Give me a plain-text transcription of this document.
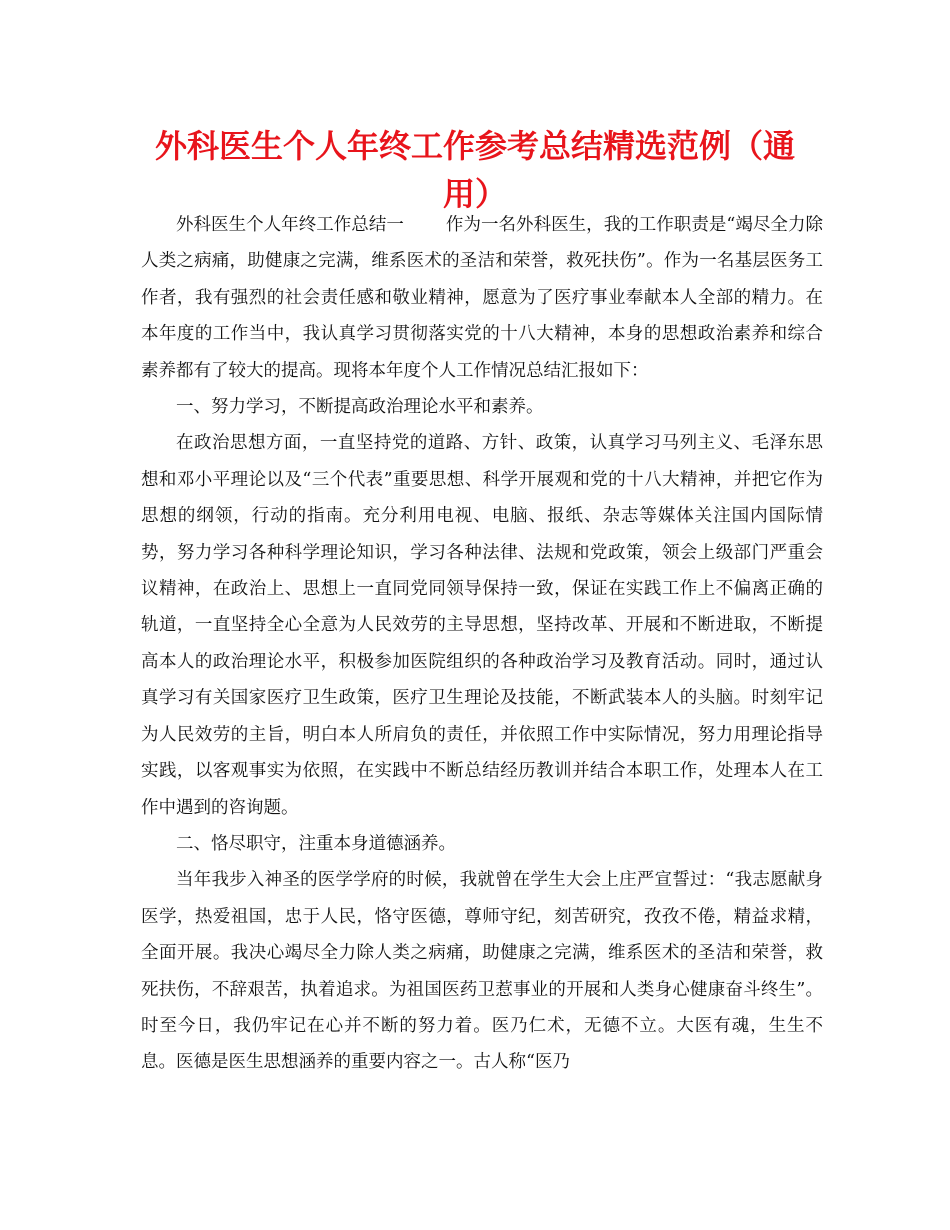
外科医生个人年终工作参考总结精选范例（通用）

外科医生个人年终工作总结一 作为一名外科医生，我的工作职责是“竭尽全力除人类之病痛，助健康之完满，维系医术的圣洁和荣誉，救死扶伤”。作为一名基层医务工作者，我有强烈的社会责任感和敬业精神，愿意为了医疗事业奉献本人全部的精力。在本年度的工作当中，我认真学习贯彻落实党的十八大精神，本身的思想政治素养和综合素养都有了较大的提高。现将本年度个人工作情况总结汇报如下：

一、努力学习，不断提高政治理论水平和素养。

在政治思想方面，一直坚持党的道路、方针、政策，认真学习马列主义、毛泽东思想和邓小平理论以及“三个代表”重要思想、科学开展观和党的十八大精神，并把它作为思想的纲领，行动的指南。充分利用电视、电脑、报纸、杂志等媒体关注国内国际情势，努力学习各种科学理论知识，学习各种法律、法规和党政策，领会上级部门严重会议精神，在政治上、思想上一直同党同领导保持一致，保证在实践工作上不偏离正确的轨道，一直坚持全心全意为人民效劳的主导思想，坚持改革、开展和不断进取，不断提高本人的政治理论水平，积极参加医院组织的各种政治学习及教育活动。同时，通过认真学习有关国家医疗卫生政策，医疗卫生理论及技能，不断武装本人的头脑。时刻牢记为人民效劳的主旨，明白本人所肩负的责任，并依照工作中实际情况，努力用理论指导实践，以客观事实为依照，在实践中不断总结经历教训并结合本职工作，处理本人在工作中遇到的咨询题。

二、恪尽职守，注重本身道德涵养。

当年我步入神圣的医学学府的时候，我就曾在学生大会上庄严宣誓过：“我志愿献身医学，热爱祖国，忠于人民，恪守医德，尊师守纪，刻苦研究，孜孜不倦，精益求精，全面开展。我决心竭尽全力除人类之病痛，助健康之完满，维系医术的圣洁和荣誉，救死扶伤，不辞艰苦，执着追求。为祖国医药卫惹事业的开展和人类身心健康奋斗终生”。时至今日，我仍牢记在心并不断的努力着。医乃仁术，无德不立。大医有魂，生生不息。医德是医生思想涵养的重要内容之一。古人称“医乃
